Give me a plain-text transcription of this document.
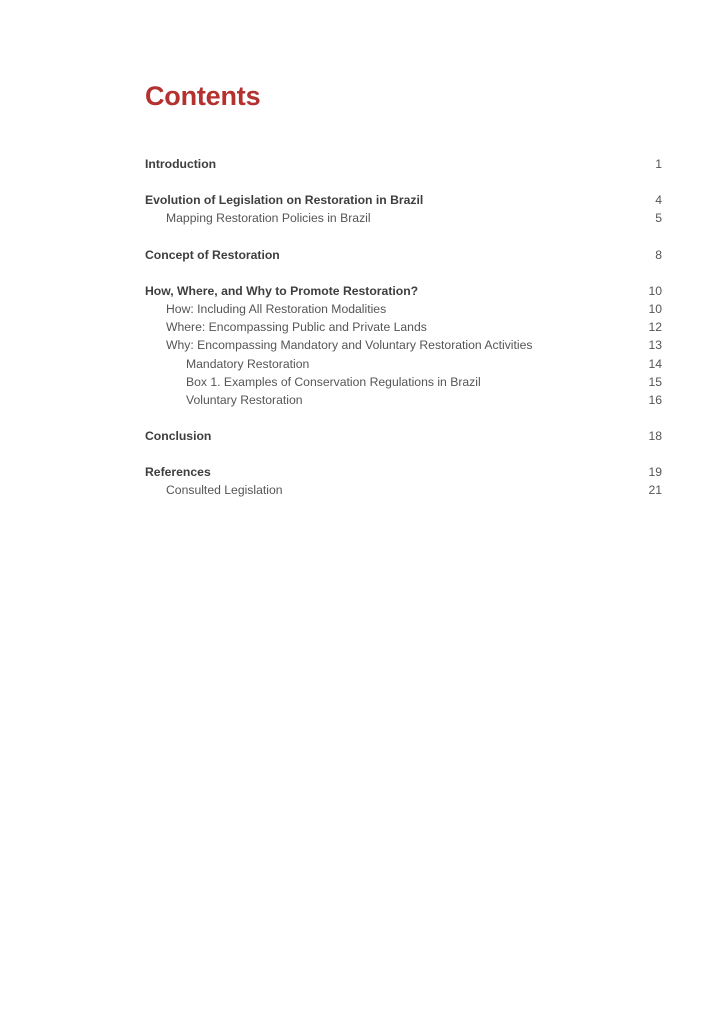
Contents
Introduction	1
Evolution of Legislation on Restoration in Brazil	4
Mapping Restoration Policies in Brazil	5
Concept of Restoration	8
How, Where, and Why to Promote Restoration?	10
How: Including All Restoration Modalities	10
Where: Encompassing Public and Private Lands	12
Why: Encompassing Mandatory and Voluntary Restoration Activities	13
Mandatory Restoration	14
Box 1. Examples of Conservation Regulations in Brazil	15
Voluntary Restoration	16
Conclusion	18
References	19
Consulted Legislation	21
